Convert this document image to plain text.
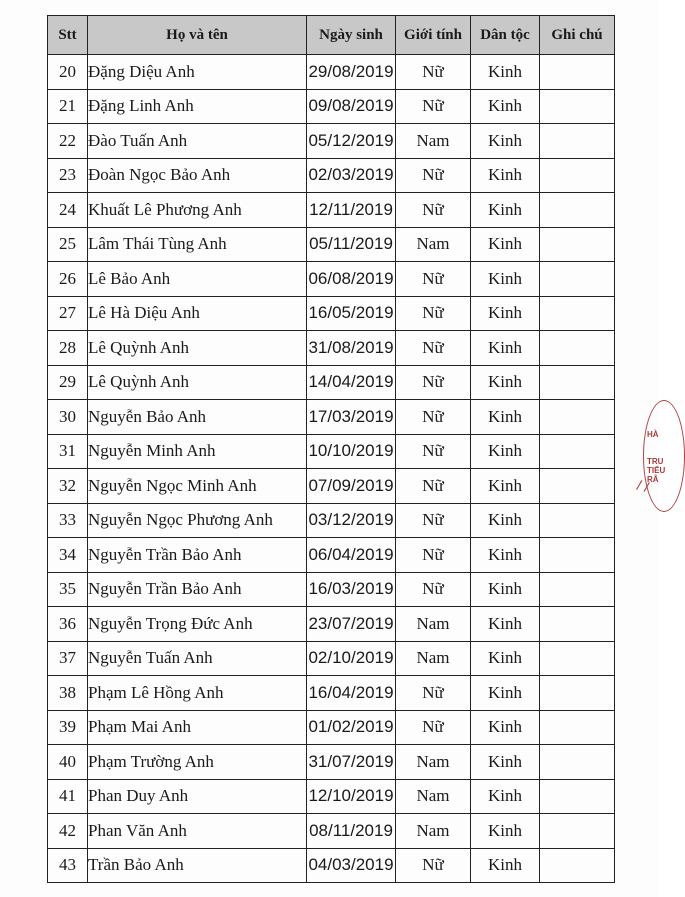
Stt	Họ và tên	Ngày sinh	Giới tính	Dân tộc	Ghi chú
20	Đặng Diệu Anh	29/08/2019	Nữ	Kinh	
21	Đặng Linh Anh	09/08/2019	Nữ	Kinh	
22	Đào Tuấn Anh	05/12/2019	Nam	Kinh	
23	Đoàn Ngọc Bảo Anh	02/03/2019	Nữ	Kinh	
24	Khuất Lê Phương Anh	12/11/2019	Nữ	Kinh	
25	Lâm Thái Tùng Anh	05/11/2019	Nam	Kinh	
26	Lê Bảo Anh	06/08/2019	Nữ	Kinh	
27	Lê Hà Diệu Anh	16/05/2019	Nữ	Kinh	
28	Lê Quỳnh Anh	31/08/2019	Nữ	Kinh	
29	Lê Quỳnh Anh	14/04/2019	Nữ	Kinh	
30	Nguyễn Bảo Anh	17/03/2019	Nữ	Kinh	
31	Nguyễn Minh Anh	10/10/2019	Nữ	Kinh	
32	Nguyễn Ngọc Minh Anh	07/09/2019	Nữ	Kinh	
33	Nguyễn Ngọc Phương Anh	03/12/2019	Nữ	Kinh	
34	Nguyễn Trần Bảo Anh	06/04/2019	Nữ	Kinh	
35	Nguyễn Trần Bảo Anh	16/03/2019	Nữ	Kinh	
36	Nguyễn Trọng Đức Anh	23/07/2019	Nam	Kinh	
37	Nguyễn Tuấn Anh	02/10/2019	Nam	Kinh	
38	Phạm Lê Hồng Anh	16/04/2019	Nữ	Kinh	
39	Phạm Mai Anh	01/02/2019	Nữ	Kinh	
40	Phạm Trường Anh	31/07/2019	Nam	Kinh	
41	Phan Duy Anh	12/10/2019	Nam	Kinh	
42	Phan Văn Anh	08/11/2019	Nam	Kinh	
43	Trần Bảo Anh	04/03/2019	Nữ	Kinh	
HÀ
TRU
TIỂU
RÂ
/ /
